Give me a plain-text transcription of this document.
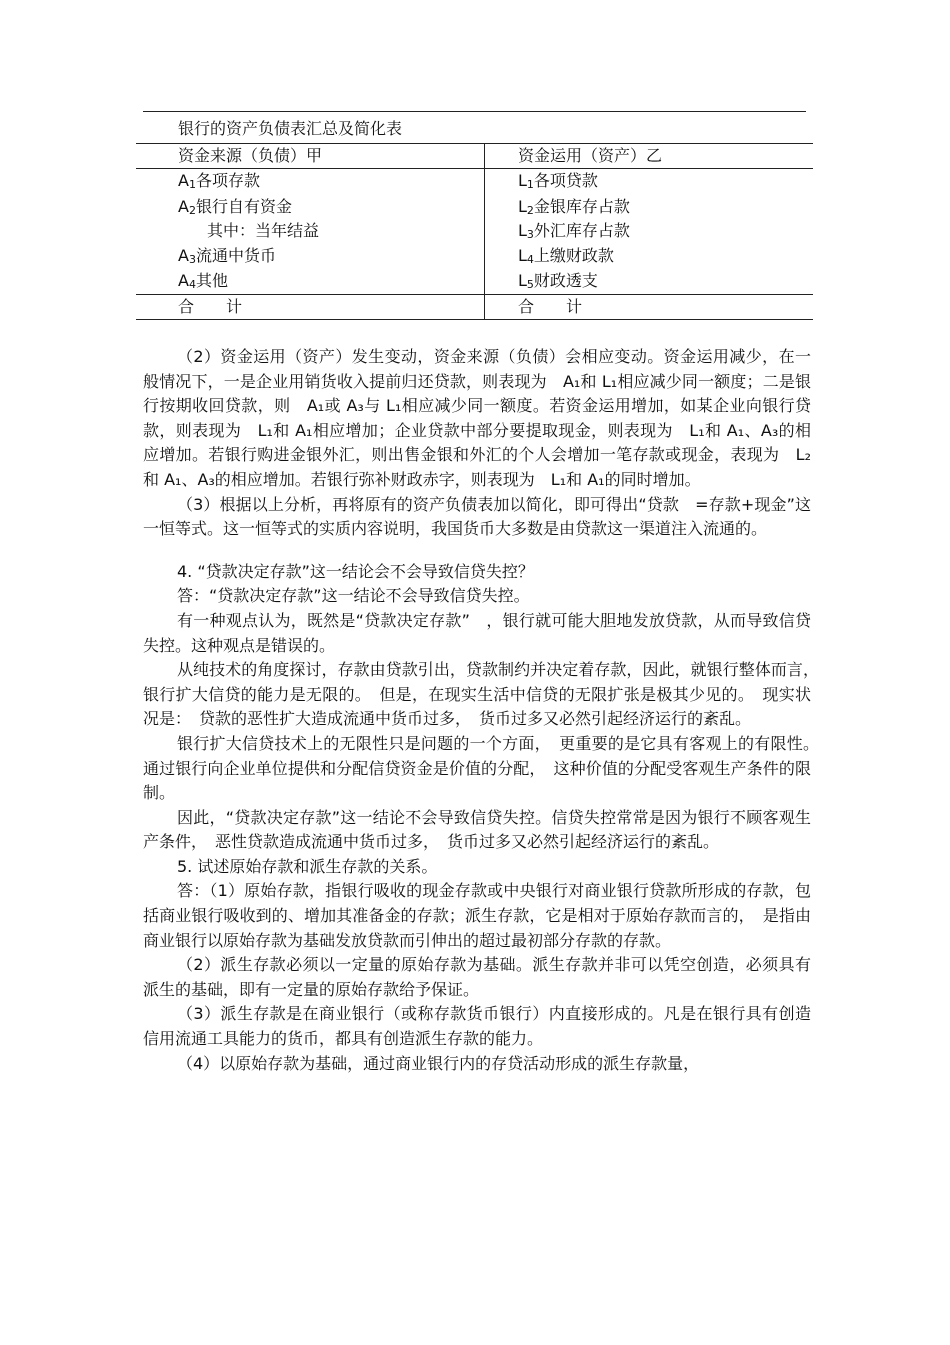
银行的资产负债表汇总及简化表
资金来源（负债）甲	资金运用（资产）乙
$A_1$各项存款
$A_2$银行自有资金
其中：当年结益
$A_3$流通中货币
$A_4$其他
$L_1$各项贷款
$L_2$金银库存占款
$L_3$外汇库存占款
$L_4$上缴财政款
$L_5$财政透支
合　　计	合　　计

（2）资金运用（资产）发生变动，资金来源（负债）会相应变动。资金运用减少，在一般情况下，一是企业用销货收入提前归还贷款，则表现为　A₁和 L₁相应减少同一额度；二是银行按期收回贷款，则　A₁或 A₃与 L₁相应减少同一额度。若资金运用增加，如某企业向银行贷款，则表现为　L₁和 A₁相应增加；企业贷款中部分要提取现金，则表现为　L₁和 A₁、A₃的相应增加。若银行购进金银外汇，则出售金银和外汇的个人会增加一笔存款或现金，表现为　L₂和 A₁、A₃的相应增加。若银行弥补财政赤字，则表现为　L₁和 A₁的同时增加。

（3）根据以上分析，再将原有的资产负债表加以简化，即可得出“贷款　=存款+现金”这一恒等式。这一恒等式的实质内容说明，我国货币大多数是由贷款这一渠道注入流通的。

4. “贷款决定存款”这一结论会不会导致信贷失控？

答：“贷款决定存款”这一结论不会导致信贷失控。

有一种观点认为，既然是“贷款决定存款”　，银行就可能大胆地发放贷款，从而导致信贷失控。这种观点是错误的。

从纯技术的角度探讨，存款由贷款引出，贷款制约并决定着存款，因此，就银行整体而言，　银行扩大信贷的能力是无限的。　但是，在现实生活中信贷的无限扩张是极其少见的。　现实状况是：　贷款的恶性扩大造成流通中货币过多，　货币过多又必然引起经济运行的紊乱。

银行扩大信贷技术上的无限性只是问题的一个方面，　更重要的是它具有客观上的有限性。　通过银行向企业单位提供和分配信贷资金是价值的分配，　这种价值的分配受客观生产条件的限制。

因此，“贷款决定存款”这一结论不会导致信贷失控。信贷失控常常是因为银行不顾客观生产条件，　恶性贷款造成流通中货币过多，　货币过多又必然引起经济运行的紊乱。

5. 试述原始存款和派生存款的关系。

答：（1）原始存款，指银行吸收的现金存款或中央银行对商业银行贷款所形成的存款，包括商业银行吸收到的、增加其准备金的存款；派生存款，它是相对于原始存款而言的，　是指由商业银行以原始存款为基础发放贷款而引伸出的超过最初部分存款的存款。

（2）派生存款必须以一定量的原始存款为基础。派生存款并非可以凭空创造，必须具有派生的基础，即有一定量的原始存款给予保证。

（3）派生存款是在商业银行（或称存款货币银行）内直接形成的。凡是在银行具有创造信用流通工具能力的货币，都具有创造派生存款的能力。

（4）以原始存款为基础，通过商业银行内的存贷活动形成的派生存款量，
